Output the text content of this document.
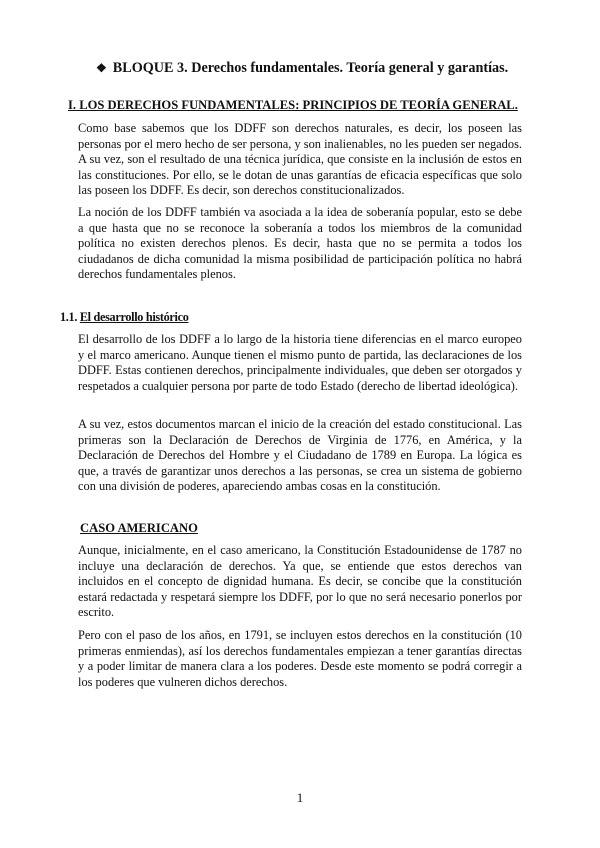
❖ BLOQUE 3. Derechos fundamentales. Teoría general y garantías.
I. LOS DERECHOS FUNDAMENTALES: PRINCIPIOS DE TEORÍA GENERAL.

Como base sabemos que los DDFF son derechos naturales, es decir, los poseen las personas por el mero hecho de ser persona, y son inalienables, no les pueden ser negados. A su vez, son el resultado de una técnica jurídica, que consiste en la inclusión de estos en las constituciones. Por ello, se le dotan de unas garantías de eficacia específicas que solo las poseen los DDFF. Es decir, son derechos constitucionalizados.

La noción de los DDFF también va asociada a la idea de soberanía popular, esto se debe a que hasta que no se reconoce la soberanía a todos los miembros de la comunidad política no existen derechos plenos. Es decir, hasta que no se permita a todos los ciudadanos de dicha comunidad la misma posibilidad de participación política no habrá derechos fundamentales plenos.

1.1. El desarrollo histórico

El desarrollo de los DDFF a lo largo de la historia tiene diferencias en el marco europeo y el marco americano. Aunque tienen el mismo punto de partida, las declaraciones de los DDFF. Estas contienen derechos, principalmente individuales, que deben ser otorgados y respetados a cualquier persona por parte de todo Estado (derecho de libertad ideológica).

A su vez, estos documentos marcan el inicio de la creación del estado constitucional. Las primeras son la Declaración de Derechos de Virginia de 1776, en América, y la Declaración de Derechos del Hombre y el Ciudadano de 1789 en Europa. La lógica es que, a través de garantizar unos derechos a las personas, se crea un sistema de gobierno con una división de poderes, apareciendo ambas cosas en la constitución.

CASO AMERICANO

Aunque, inicialmente, en el caso americano, la Constitución Estadounidense de 1787 no incluye una declaración de derechos. Ya que, se entiende que estos derechos van incluidos en el concepto de dignidad humana. Es decir, se concibe que la constitución estará redactada y respetará siempre los DDFF, por lo que no será necesario ponerlos por escrito.

Pero con el paso de los años, en 1791, se incluyen estos derechos en la constitución (10 primeras enmiendas), así los derechos fundamentales empiezan a tener garantías directas y a poder limitar de manera clara a los poderes. Desde este momento se podrá corregir a los poderes que vulneren dichos derechos.

1
